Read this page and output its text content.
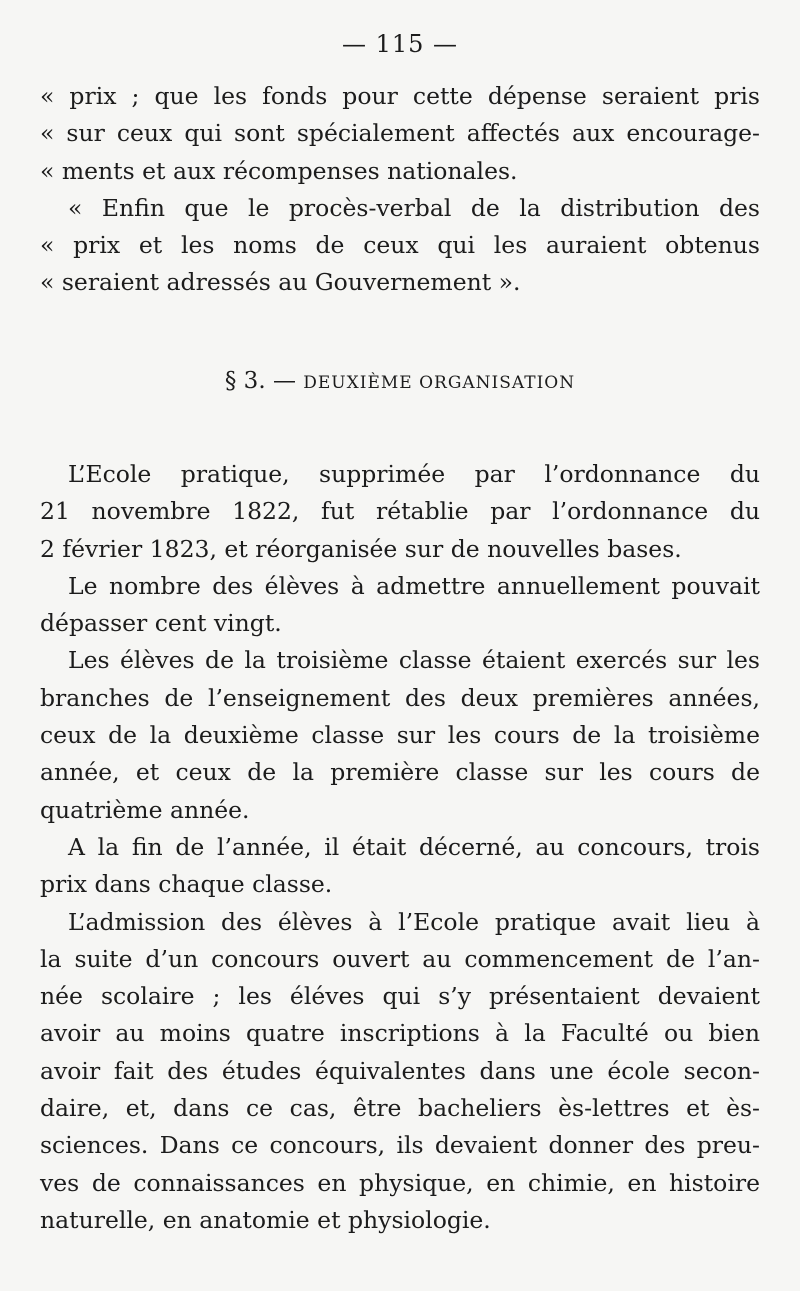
— 115 —
« prix ; que les fonds pour cette dépense seraient pris
« sur ceux qui sont spécialement affectés aux encourage-
« ments et aux récompenses nationales.
« Enfin que le procès-verbal de la distribution des
« prix et les noms de ceux qui les auraient obtenus
« seraient adressés au Gouvernement ».
§ 3. — DEUXIÈME ORGANISATION
L’Ecole pratique, supprimée par l’ordonnance du
21 novembre 1822, fut rétablie par l’ordonnance du
2 février 1823, et réorganisée sur de nouvelles bases.
Le nombre des élèves à admettre annuellement pouvait
dépasser cent vingt.
Les élèves de la troisième classe étaient exercés sur les
branches de l’enseignement des deux premières années,
ceux de la deuxième classe sur les cours de la troisième
année, et ceux de la première classe sur les cours de
quatrième année.
A la fin de l’année, il était décerné, au concours, trois
prix dans chaque classe.
L’admission des élèves à l’Ecole pratique avait lieu à
la suite d’un concours ouvert au commencement de l’an-
née scolaire ; les éléves qui s’y présentaient devaient
avoir au moins quatre inscriptions à la Faculté ou bien
avoir fait des études équivalentes dans une école secon-
daire, et, dans ce cas, être bacheliers ès-lettres et ès-
sciences. Dans ce concours, ils devaient donner des preu-
ves de connaissances en physique, en chimie, en histoire
naturelle, en anatomie et physiologie.
